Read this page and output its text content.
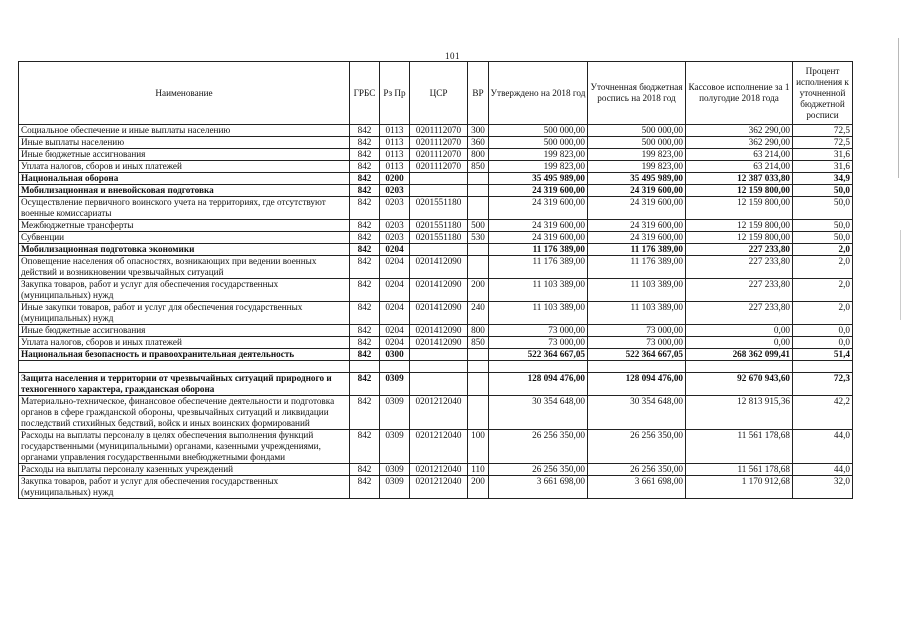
101
Наименование	ГРБС	Рз Пр	ЦСР	ВР	Утверждено на 2018 год	Уточненная бюджетная роспись на 2018 год	Кассовое исполнение за 1 полугодие 2018 года	Процент исполнения к уточненной бюджетной росписи
Социальное обеспечение и иные выплаты населению	842	0113	0201112070	300	500 000,00	500 000,00	362 290,00	72,5
Иные выплаты населению	842	0113	0201112070	360	500 000,00	500 000,00	362 290,00	72,5
Иные бюджетные ассигнования	842	0113	0201112070	800	199 823,00	199 823,00	63 214,00	31,6
Уплата налогов, сборов и иных платежей	842	0113	0201112070	850	199 823,00	199 823,00	63 214,00	31,6
Национальная оборона	842	0200			35 495 989,00	35 495 989,00	12 387 033,80	34,9
Мобилизационная и вневойсковая подготовка	842	0203			24 319 600,00	24 319 600,00	12 159 800,00	50,0
Осуществление первичного воинского учета на территориях, где отсутствуют военные комиссариаты	842	0203	0201551180		24 319 600,00	24 319 600,00	12 159 800,00	50,0
Межбюджетные трансферты	842	0203	0201551180	500	24 319 600,00	24 319 600,00	12 159 800,00	50,0
Субвенции	842	0203	0201551180	530	24 319 600,00	24 319 600,00	12 159 800,00	50,0
Мобилизационная подготовка экономики	842	0204			11 176 389,00	11 176 389,00	227 233,80	2,0
Оповещение населения об опасностях, возникающих при ведении военных действий и возникновении чрезвычайных ситуаций	842	0204	0201412090		11 176 389,00	11 176 389,00	227 233,80	2,0
Закупка товаров, работ и услуг для обеспечения государственных (муниципальных) нужд	842	0204	0201412090	200	11 103 389,00	11 103 389,00	227 233,80	2,0
Иные закупки товаров, работ и услуг для обеспечения государственных (муниципальных) нужд	842	0204	0201412090	240	11 103 389,00	11 103 389,00	227 233,80	2,0
Иные бюджетные ассигнования	842	0204	0201412090	800	73 000,00	73 000,00	0,00	0,0
Уплата налогов, сборов и иных платежей	842	0204	0201412090	850	73 000,00	73 000,00	0,00	0,0
Национальная безопасность и правоохранительная деятельность	842	0300			522 364 667,05	522 364 667,05	268 362 099,41	51,4

Защита населения и территории от чрезвычайных ситуаций природного и техногенного характера, гражданская оборона	842	0309			128 094 476,00	128 094 476,00	92 670 943,60	72,3
Материально-техническое, финансовое обеспечение деятельности и подготовка органов в сфере гражданской обороны, чрезвычайных ситуаций и ликвидации последствий стихийных бедствий, войск и иных воинских формирований	842	0309	0201212040		30 354 648,00	30 354 648,00	12 813 915,36	42,2
Расходы на выплаты персоналу в целях обеспечения выполнения функций государственными (муниципальными) органами, казенными учреждениями, органами управления государственными внебюджетными фондами	842	0309	0201212040	100	26 256 350,00	26 256 350,00	11 561 178,68	44,0
Расходы на выплаты персоналу казенных учреждений	842	0309	0201212040	110	26 256 350,00	26 256 350,00	11 561 178,68	44,0
Закупка товаров, работ и услуг для обеспечения государственных (муниципальных) нужд	842	0309	0201212040	200	3 661 698,00	3 661 698,00	1 170 912,68	32,0
